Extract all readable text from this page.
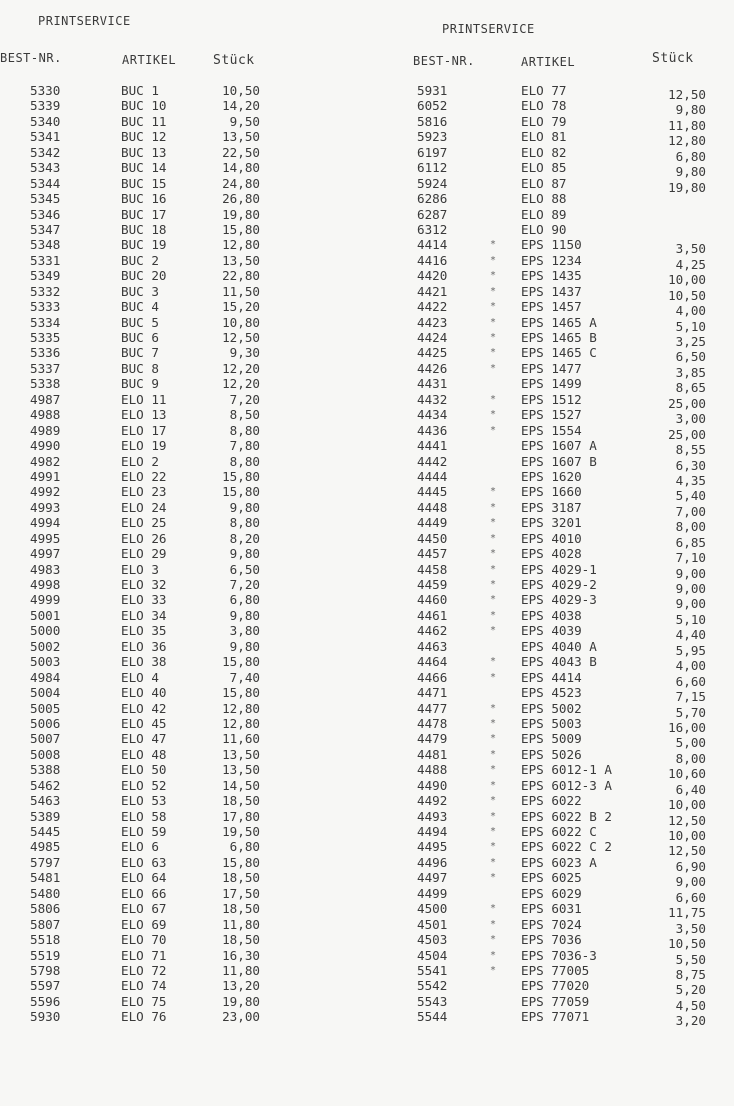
PRINTSERVICE
BEST-NR.	ARTIKEL	Stück
5330	BUC 1	10,50
5339	BUC 10	14,20
5340	BUC 11	9,50
5341	BUC 12	13,50
5342	BUC 13	22,50
5343	BUC 14	14,80
5344	BUC 15	24,80
5345	BUC 16	26,80
5346	BUC 17	19,80
5347	BUC 18	15,80
5348	BUC 19	12,80
5331	BUC 2	13,50
5349	BUC 20	22,80
5332	BUC 3	11,50
5333	BUC 4	15,20
5334	BUC 5	10,80
5335	BUC 6	12,50
5336	BUC 7	9,30
5337	BUC 8	12,20
5338	BUC 9	12,20
4987	ELO 11	7,20
4988	ELO 13	8,50
4989	ELO 17	8,80
4990	ELO 19	7,80
4982	ELO 2	8,80
4991	ELO 22	15,80
4992	ELO 23	15,80
4993	ELO 24	9,80
4994	ELO 25	8,80
4995	ELO 26	8,20
4997	ELO 29	9,80
4983	ELO 3	6,50
4998	ELO 32	7,20
4999	ELO 33	6,80
5001	ELO 34	9,80
5000	ELO 35	3,80
5002	ELO 36	9,80
5003	ELO 38	15,80
4984	ELO 4	7,40
5004	ELO 40	15,80
5005	ELO 42	12,80
5006	ELO 45	12,80
5007	ELO 47	11,60
5008	ELO 48	13,50
5388	ELO 50	13,50
5462	ELO 52	14,50
5463	ELO 53	18,50
5389	ELO 58	17,80
5445	ELO 59	19,50
4985	ELO 6	6,80
5797	ELO 63	15,80
5481	ELO 64	18,50
5480	ELO 66	17,50
5806	ELO 67	18,50
5807	ELO 69	11,80
5518	ELO 70	18,50
5519	ELO 71	16,30
5798	ELO 72	11,80
5597	ELO 74	13,20
5596	ELO 75	19,80
5930	ELO 76	23,00
PRINTSERVICE
BEST-NR.	ARTIKEL	Stück
5931	ELO 77	12,50
6052	ELO 78	9,80
5816	ELO 79	11,80
5923	ELO 81	12,80
6197	ELO 82	6,80
6112	ELO 85	9,80
5924	ELO 87	19,80
6286	ELO 88
6287	ELO 89
6312	ELO 90
4414	* EPS 1150	3,50
4416	* EPS 1234	4,25
4420	* EPS 1435	10,00
4421	* EPS 1437	10,50
4422	* EPS 1457	4,00
4423	* EPS 1465 A	5,10
4424	* EPS 1465 B	3,25
4425	* EPS 1465 C	6,50
4426	* EPS 1477	3,85
4431	EPS 1499	8,65
4432	* EPS 1512	25,00
4434	* EPS 1527	3,00
4436	* EPS 1554	25,00
4441	EPS 1607 A	8,55
4442	EPS 1607 B	6,30
4444	EPS 1620	4,35
4445	* EPS 1660	5,40
4448	* EPS 3187	7,00
4449	* EPS 3201	8,00
4450	* EPS 4010	6,85
4457	* EPS 4028	7,10
4458	* EPS 4029-1	9,00
4459	* EPS 4029-2	9,00
4460	* EPS 4029-3	9,00
4461	* EPS 4038	5,10
4462	* EPS 4039	4,40
4463	EPS 4040 A	5,95
4464	* EPS 4043 B	4,00
4466	* EPS 4414	6,60
4471	EPS 4523	7,15
4477	* EPS 5002	5,70
4478	* EPS 5003	16,00
4479	* EPS 5009	5,00
4481	* EPS 5026	8,00
4488	* EPS 6012-1 A	10,60
4490	* EPS 6012-3 A	6,40
4492	* EPS 6022	10,00
4493	* EPS 6022 B 2	12,50
4494	* EPS 6022 C	10,00
4495	* EPS 6022 C 2	12,50
4496	* EPS 6023 A	6,90
4497	* EPS 6025	9,00
4499	EPS 6029	6,60
4500	* EPS 6031	11,75
4501	* EPS 7024	3,50
4503	* EPS 7036	10,50
4504	* EPS 7036-3	5,50
5541	* EPS 77005	8,75
5542	EPS 77020	5,20
5543	EPS 77059	4,50
5544	EPS 77071	3,20
